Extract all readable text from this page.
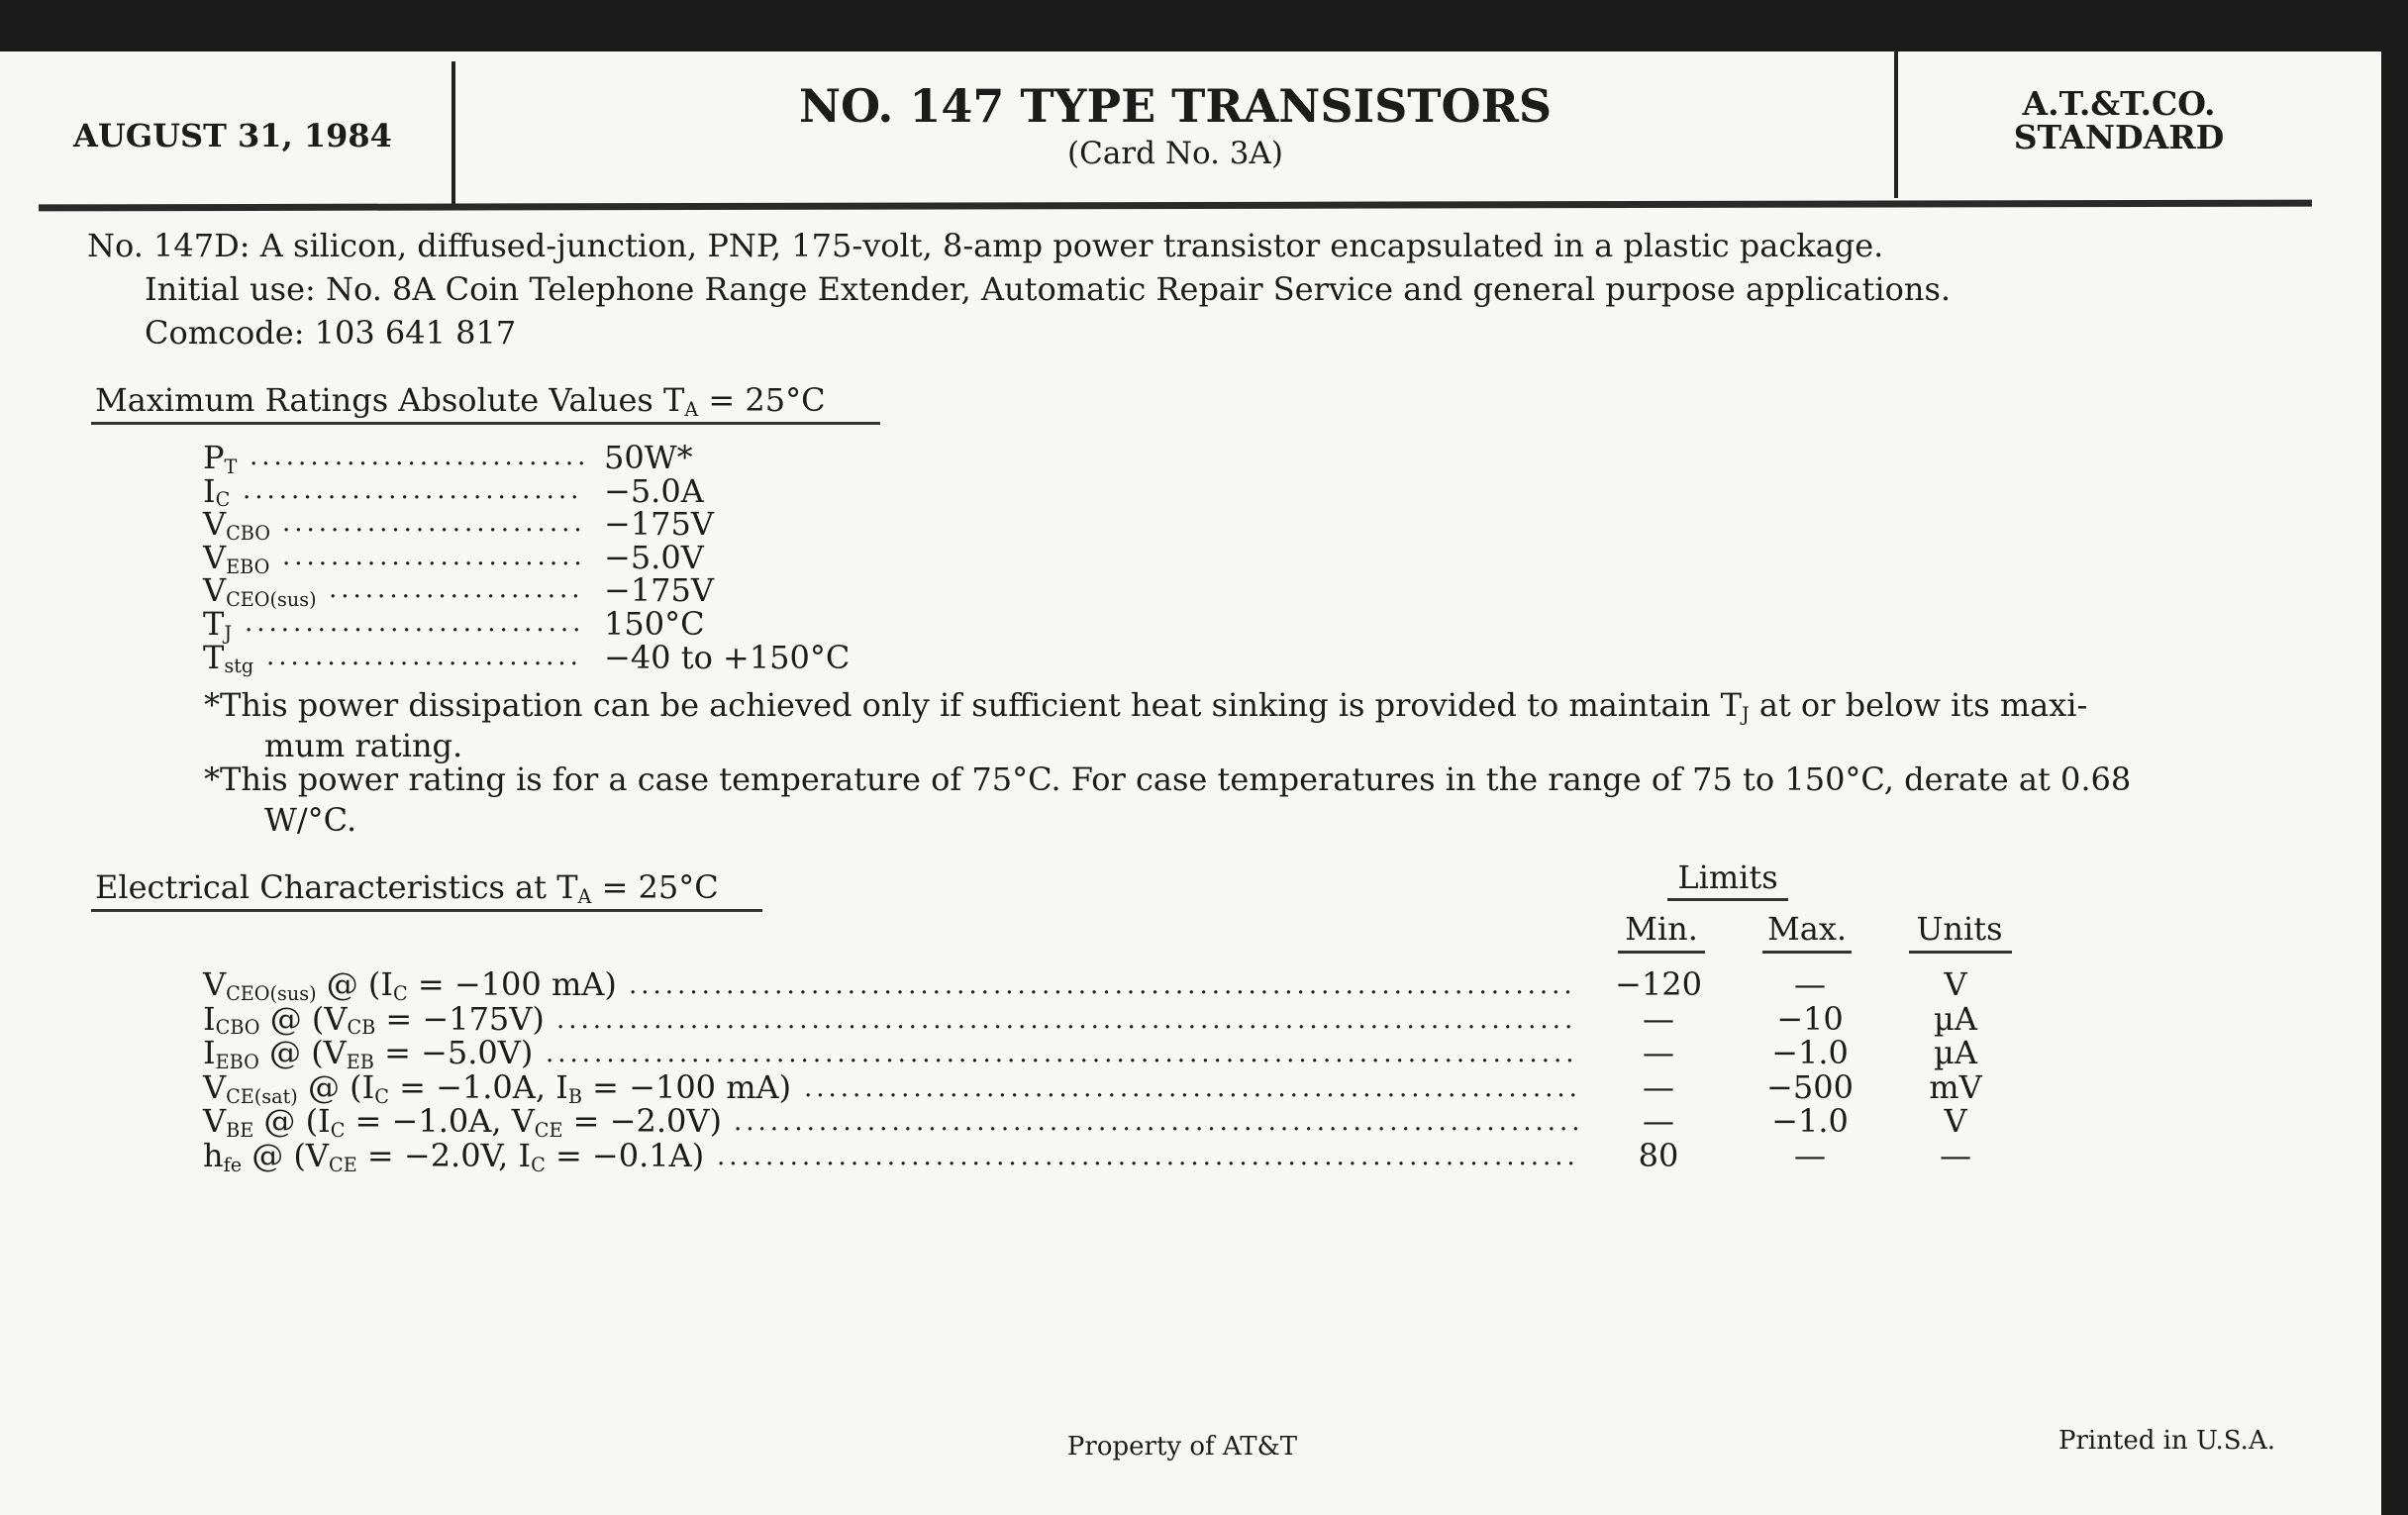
AUGUST 31, 1984
NO. 147 TYPE TRANSISTORS
(Card No. 3A)
A.T.&T.CO.
STANDARD
No. 147D: A silicon, diffused-junction, PNP, 175-volt, 8-amp power transistor encapsulated in a plastic package.
Initial use: No. 8A Coin Telephone Range Extender, Automatic Repair Service and general purpose applications.
Comcode: 103 641 817
Maximum Ratings Absolute Values $T_A = 25^\circ C$
*This power dissipation can be achieved only if sufficient heat sinking is provided to maintain $T_J$ at or below its maxi-
mum rating.
*This power rating is for a case temperature of 75°C. For case temperatures in the range of 75 to 150°C, derate at 0.68
W/°C.
Electrical Characteristics at $T_A = 25^\circ C$	Limits
Min. Max. Units
Property of AT&T	Printed in U.S.A.
$P_T$	50W*
............................
$I_C$	−5.0A
............................
$V_{CBO}$	−175V
.........................
$V_{EBO}$	−5.0V
.........................
$V_{CEO(sus)}$	−175V
.....................
$T_J$	150°C
............................
$T_{stg}$	−40 to +150°C
..........................
$V_{CEO(sus)}$ @ ($I_C = -100$ mA)	−120	—	V
..............................................................................
$I_{CBO}$ @ $(V_{CB} = -175V)$	—	−10	µA
....................................................................................
$I_{EBO}$ @ $(V_{EB} = -5.0V)$	—	−1.0	µA
.....................................................................................
$V_{CE(sat)}$ @ ($I_C = -1.0A$, $I_B = -100$ mA)	—	−500 mV
................................................................
$V_{BE}$ @ ($I_C = -1.0A$, $V_{CE} = -2.0V$)	—	−1.0	V
......................................................................
$h_{fe}$ @ ($V_{CE} = -2.0V$, $I_C = -0.1A$)	80	—	—
.......................................................................
